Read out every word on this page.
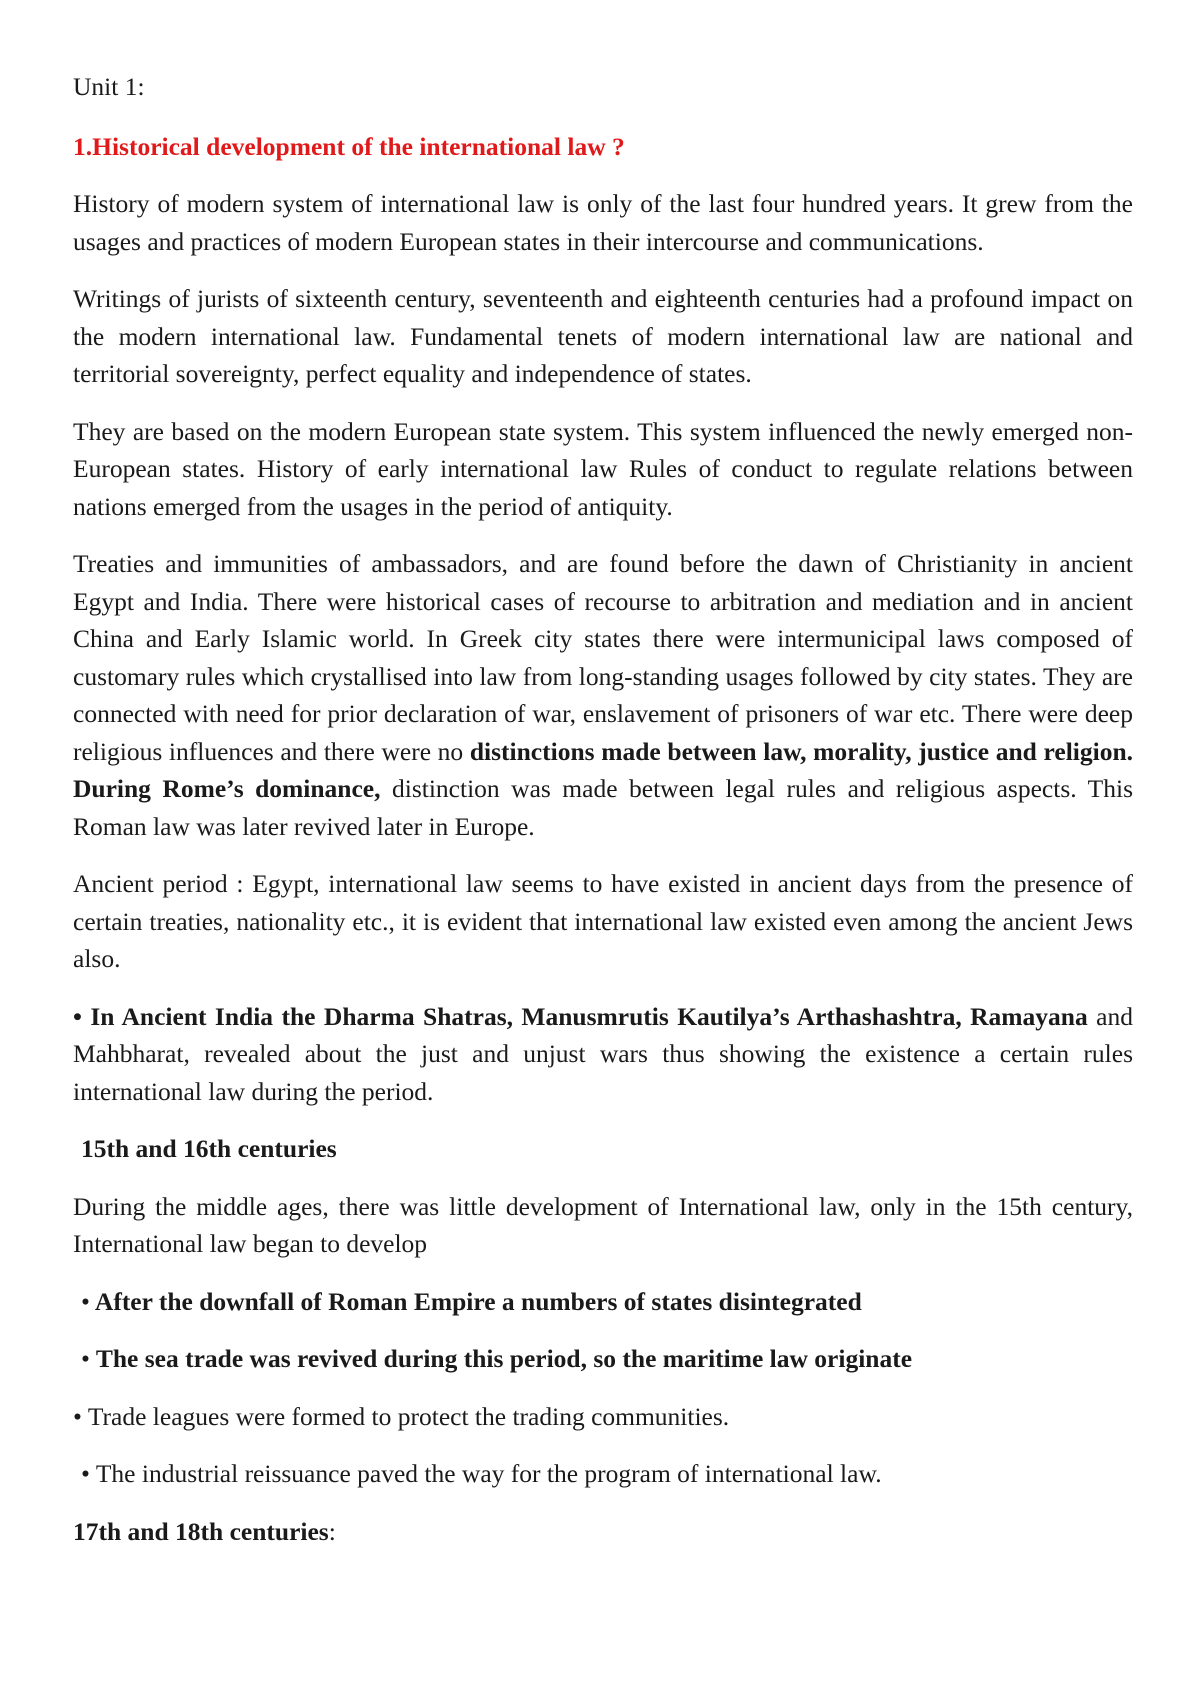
Unit 1:

1.Historical development of the international law ?

History of modern system of international law is only of the last four hundred years. It grew from the usages and practices of modern European states in their intercourse and communications.

Writings of jurists of sixteenth century, seventeenth and eighteenth centuries had a profound impact on the modern international law. Fundamental tenets of modern international law are national and territorial sovereignty, perfect equality and independence of states.

They are based on the modern European state system. This system influenced the newly emerged non-European states. History of early international law Rules of conduct to regulate relations between nations emerged from the usages in the period of antiquity.

Treaties and immunities of ambassadors, and are found before the dawn of Christianity in ancient Egypt and India. There were historical cases of recourse to arbitration and mediation and in ancient China and Early Islamic world. In Greek city states there were intermunicipal laws composed of customary rules which crystallised into law from long-standing usages followed by city states. They are connected with need for prior declaration of war, enslavement of prisoners of war etc. There were deep religious influences and there were no distinctions made between law, morality, justice and religion. During Rome’s dominance, distinction was made between legal rules and religious aspects. This Roman law was later revived later in Europe.

Ancient period : Egypt, international law seems to have existed in ancient days from the presence of certain treaties, nationality etc., it is evident that international law existed even among the ancient Jews also.

• In Ancient India the Dharma Shatras, Manusmrutis Kautilya’s Arthashashtra, Ramayana and Mahbharat, revealed about the just and unjust wars thus showing the existence a certain rules international law during the period.

15th and 16th centuries

During the middle ages, there was little development of International law, only in the 15th century, International law began to develop

• After the downfall of Roman Empire a numbers of states disintegrated

• The sea trade was revived during this period, so the maritime law originate

• Trade leagues were formed to protect the trading communities.

• The industrial reissuance paved the way for the program of international law.

17th and 18th centuries:
